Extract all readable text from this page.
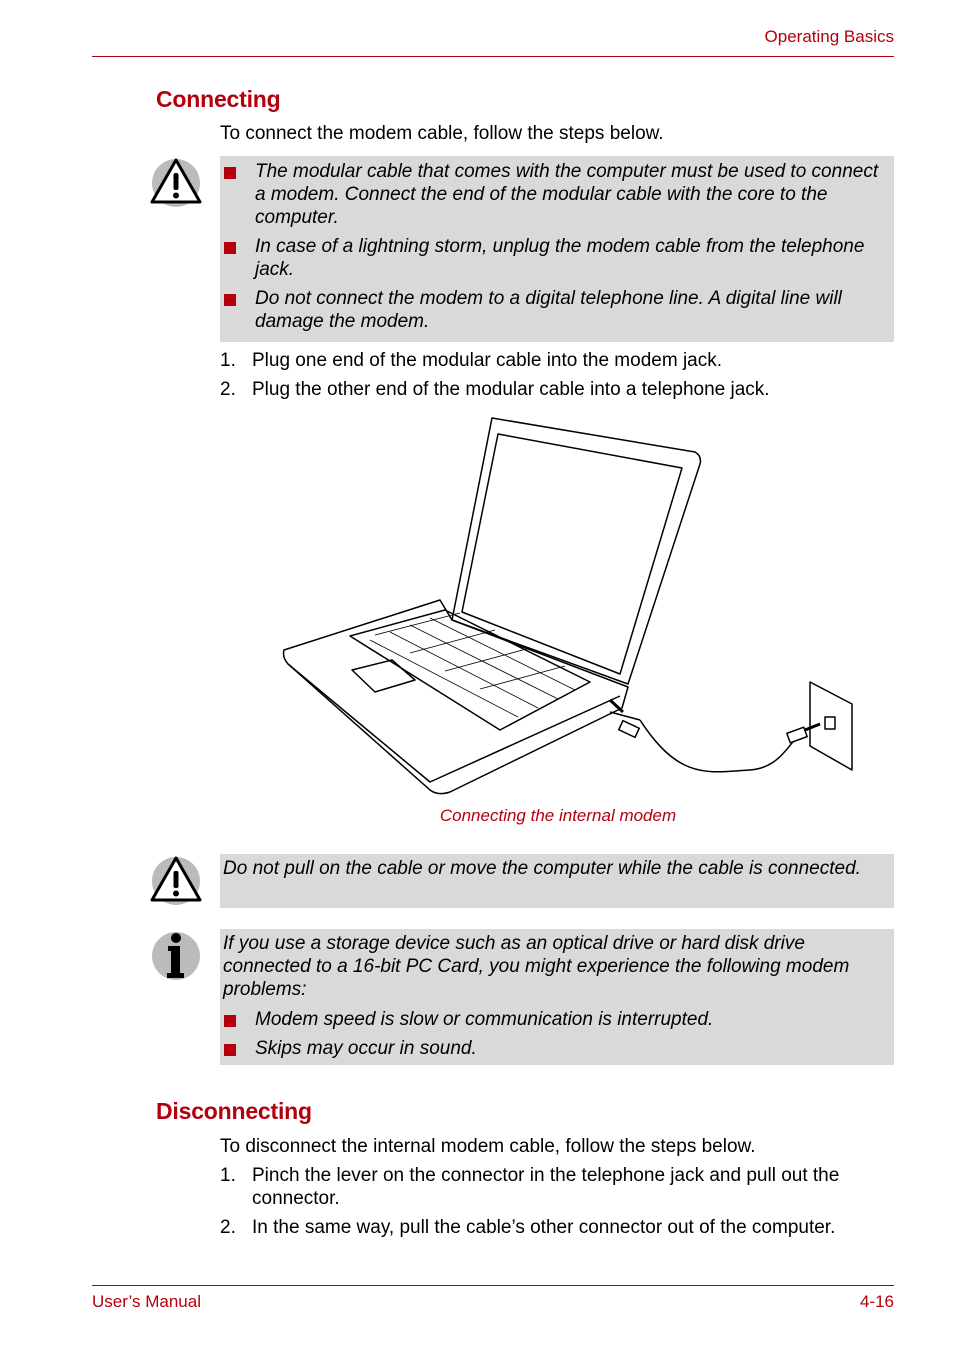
Operating Basics
Connecting
To connect the modem cable, follow the steps below.
The modular cable that comes with the computer must be used to connect a modem. Connect the end of the modular cable with the core to the computer.
In case of a lightning storm, unplug the modem cable from the telephone jack.
Do not connect the modem to a digital telephone line. A digital line will damage the modem.
1. Plug one end of the modular cable into the modem jack.
2. Plug the other end of the modular cable into a telephone jack.
Connecting the internal modem
Do not pull on the cable or move the computer while the cable is connected.
If you use a storage device such as an optical drive or hard disk drive connected to a 16-bit PC Card, you might experience the following modem problems:
Modem speed is slow or communication is interrupted.
Skips may occur in sound.
Disconnecting
To disconnect the internal modem cable, follow the steps below.
1. Pinch the lever on the connector in the telephone jack and pull out the connector.
2. In the same way, pull the cable’s other connector out of the computer.
User’s Manual	4-16
